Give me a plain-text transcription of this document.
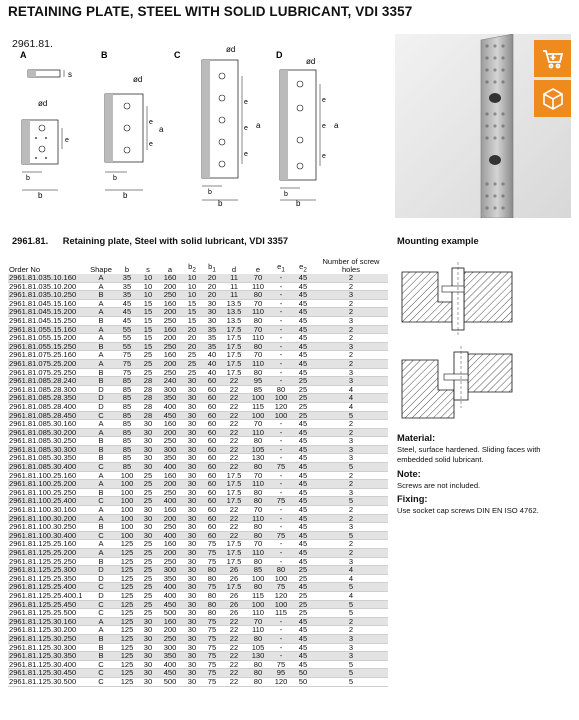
RETAINING PLATE, STEEL WITH SOLID LUBRICANT, VDI 3357
2961.81.
A
s
ød
e
b
b
B
ød
e
e
a
b
b
C
ød
e
e
e
a
b
b
D
ød
e
e
e
a
b
b
2961.81. Retaining plate, Steel with solid lubricant, VDI 3357
Order No	Shape	b	s	a	$b_2$	$b_1$	d	e	$e_1$	$e_2$	Number of screw holes
2961.81.035.10.160	A	35	10	160	10	20	11	70	-	45	2
2961.81.035.10.200	A	35	10	200	10	20	11	110	-	45	2
2961.81.035.10.250	B	35	10	250	10	20	11	80	-	45	3
2961.81.045.15.160	A	45	15	160	15	30	13.5	70	-	45	2
2961.81.045.15.200	A	45	15	200	15	30	13.5	110	-	45	2
2961.81.045.15.250	B	45	15	250	15	30	13.5	80	-	45	3
2961.81.055.15.160	A	55	15	160	20	35	17.5	70	-	45	2
2961.81.055.15.200	A	55	15	200	20	35	17.5	110	-	45	2
2961.81.055.15.250	B	55	15	250	20	35	17.5	80	-	45	3
2961.81.075.25.160	A	75	25	160	25	40	17.5	70	-	45	2
2961.81.075.25.200	A	75	25	200	25	40	17.5	110	-	45	2
2961.81.075.25.250	B	75	25	250	25	40	17.5	80	-	45	3
2961.81.085.28.240	B	85	28	240	30	60	22	95	-	25	3
2961.81.085.28.300	D	85	28	300	30	60	22	85	80	25	4
2961.81.085.28.350	D	85	28	350	30	60	22	100	100	25	4
2961.81.085.28.400	D	85	28	400	30	60	22	115	120	25	4
2961.81.085.28.450	C	85	28	450	30	60	22	100	100	25	5
2961.81.085.30.160	A	85	30	160	30	60	22	70	-	45	2
2961.81.085.30.200	A	85	30	200	30	60	22	110	-	45	2
2961.81.085.30.250	B	85	30	250	30	60	22	80	-	45	3
2961.81.085.30.300	B	85	30	300	30	60	22	105	-	45	3
2961.81.085.30.350	B	85	30	350	30	60	22	130	-	45	3
2961.81.085.30.400	C	85	30	400	30	60	22	80	75	45	5
2961.81.100.25.160	A	100	25	160	30	60	17.5	70	-	45	2
2961.81.100.25.200	A	100	25	200	30	60	17.5	110	-	45	2
2961.81.100.25.250	B	100	25	250	30	60	17.5	80	-	45	3
2961.81.100.25.400	C	100	25	400	30	60	17.5	80	75	45	5
2961.81.100.30.160	A	100	30	160	30	60	22	70	-	45	2
2961.81.100.30.200	A	100	30	200	30	60	22	110	-	45	2
2961.81.100.30.250	B	100	30	250	30	60	22	80	-	45	3
2961.81.100.30.400	C	100	30	400	30	60	22	80	75	45	5
2961.81.125.25.160	A	125	25	160	30	75	17.5	70	-	45	2
2961.81.125.25.200	A	125	25	200	30	75	17.5	110	-	45	2
2961.81.125.25.250	B	125	25	250	30	75	17.5	80	-	45	3
2961.81.125.25.300	D	125	25	300	30	80	26	85	80	25	4
2961.81.125.25.350	D	125	25	350	30	80	26	100	100	25	4
2961.81.125.25.400	C	125	25	400	30	75	17.5	80	75	45	5
2961.81.125.25.400.1	D	125	25	400	30	80	26	115	120	25	4
2961.81.125.25.450	C	125	25	450	30	80	26	100	100	25	5
2961.81.125.25.500	C	125	25	500	30	80	26	110	115	25	5
2961.81.125.30.160	A	125	30	160	30	75	22	70	-	45	2
2961.81.125.30.200	A	125	30	200	30	75	22	110	-	45	2
2961.81.125.30.250	B	125	30	250	30	75	22	80	-	45	3
2961.81.125.30.300	B	125	30	300	30	75	22	105	-	45	3
2961.81.125.30.350	B	125	30	350	30	75	22	130	-	45	3
2961.81.125.30.400	C	125	30	400	30	75	22	80	75	45	5
2961.81.125.30.450	C	125	30	450	30	75	22	80	95	50	5
2961.81.125.30.500	C	125	30	500	30	75	22	80	120	50	5
Mounting example
Material:
Steel, surface hardened. Sliding faces with embedded solid lubricant.
Note:
Screws are not included.
Fixing:
Use socket cap screws DIN EN ISO 4762.
